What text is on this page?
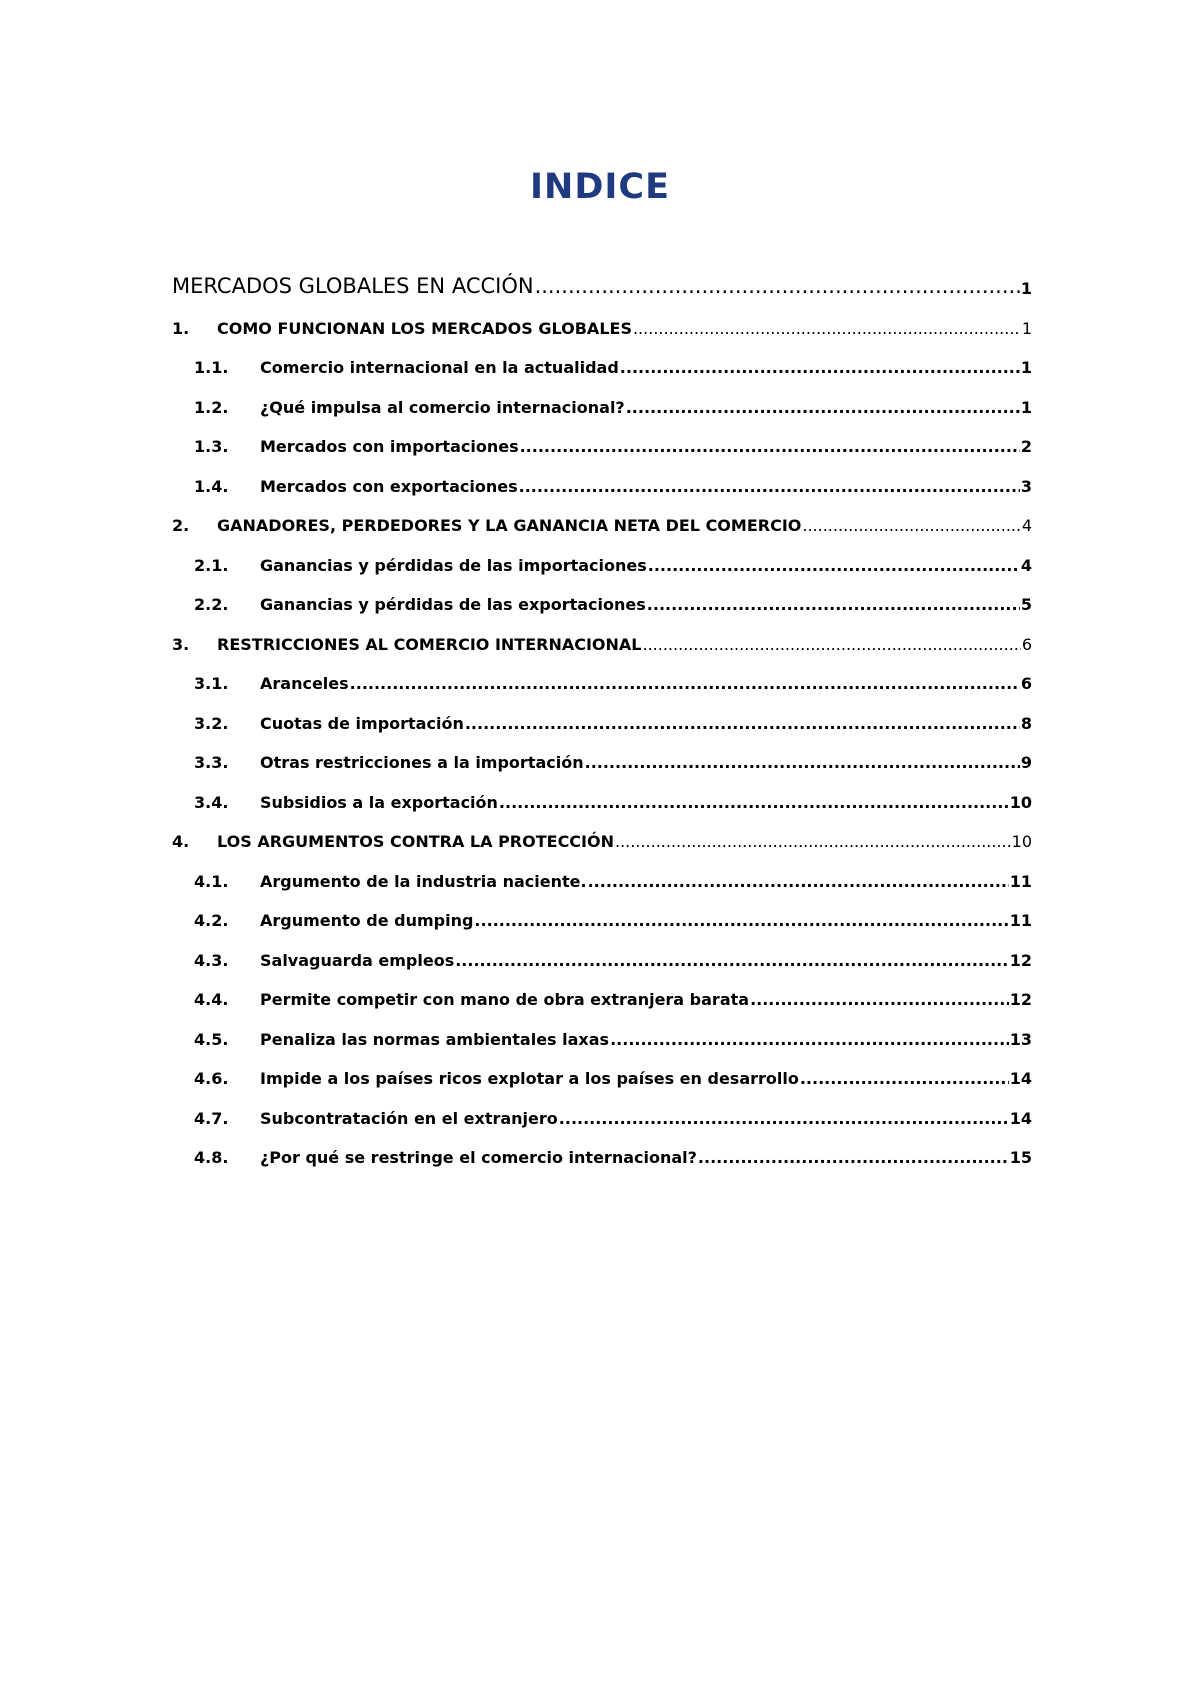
INDICE
MERCADOS GLOBALES EN ACCIÓN .....	1
1.	COMO FUNCIONAN LOS MERCADOS GLOBALES .....	1
1.1.	Comercio internacional en la actualidad .....	1
1.2.	¿Qué impulsa al comercio internacional? .....	1
1.3.	Mercados con importaciones .....	2
1.4.	Mercados con exportaciones .....	3
2.	GANADORES, PERDEDORES Y LA GANANCIA NETA DEL COMERCIO .....	4
2.1.	Ganancias y pérdidas de las importaciones .....	4
2.2.	Ganancias y pérdidas de las exportaciones .....	5
3.	RESTRICCIONES AL COMERCIO INTERNACIONAL .....	6
3.1.	Aranceles .....	6
3.2.	Cuotas de importación .....	8
3.3.	Otras restricciones a la importación .....	9
3.4.	Subsidios a la exportación .....	10
4.	LOS ARGUMENTOS CONTRA LA PROTECCIÓN .....	10
4.1.	Argumento de la industria naciente. .....	11
4.2.	Argumento de dumping .....	11
4.3.	Salvaguarda empleos .....	12
4.4.	Permite competir con mano de obra extranjera barata .....	12
4.5.	Penaliza las normas ambientales laxas .....	13
4.6.	Impide a los países ricos explotar a los países en desarrollo .....	14
4.7.	Subcontratación en el extranjero .....	14
4.8.	¿Por qué se restringe el comercio internacional? .....	15
